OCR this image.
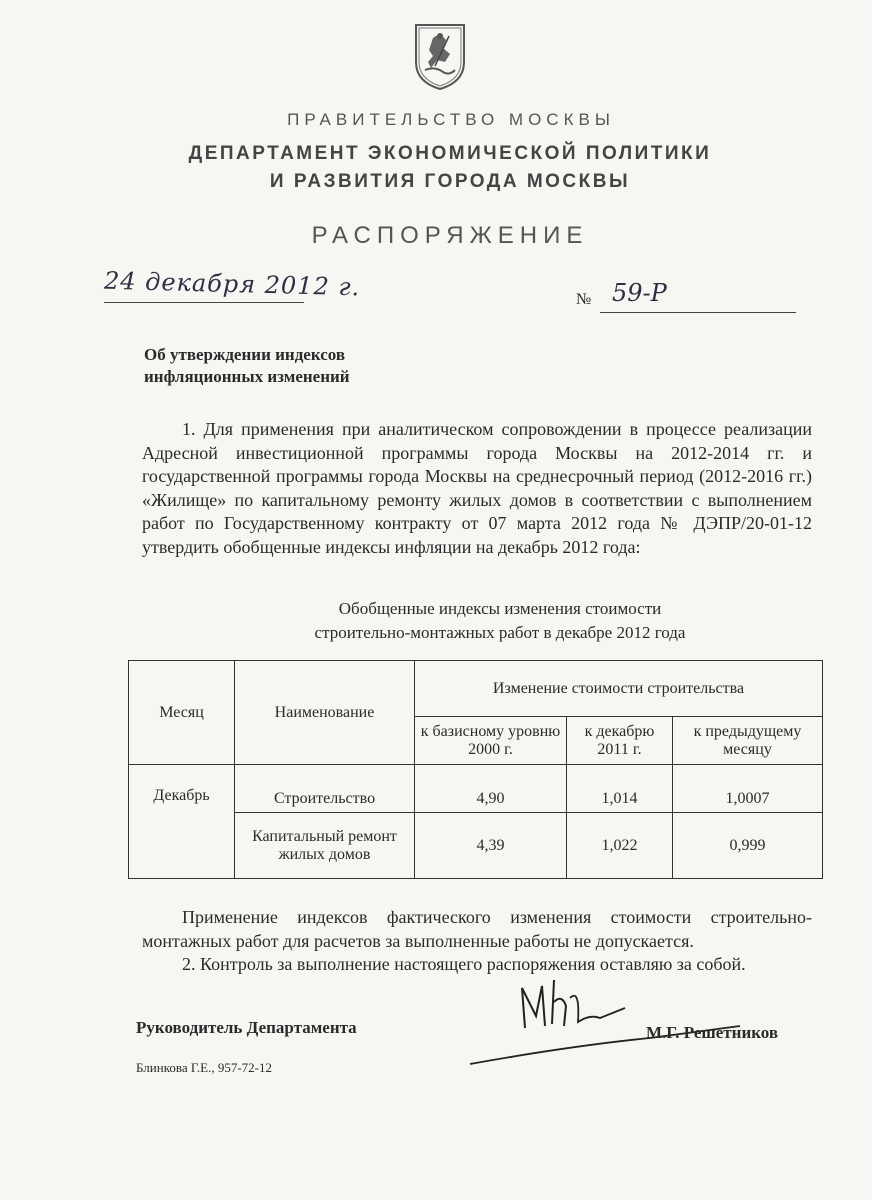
ПРАВИТЕЛЬСТВО МОСКВЫ
ДЕПАРТАМЕНТ ЭКОНОМИЧЕСКОЙ ПОЛИТИКИ
И РАЗВИТИЯ ГОРОДА МОСКВЫ
РАСПОРЯЖЕНИЕ
24 декабря 2012 г.	№ 59-Р
Об утверждении индексов
инфляционных изменений
1. Для применения при аналитическом сопровождении в процессе реализации Адресной инвестиционной программы города Москвы на 2012-2014 гг. и государственной программы города Москвы на среднесрочный период (2012-2016 гг.) «Жилище» по капитальному ремонту жилых домов в соответствии с выполнением работ по Государственному контракту от 07 марта 2012 года № ДЭПР/20-01-12 утвердить обобщенные индексы инфляции на декабрь 2012 года:
Обобщенные индексы изменения стоимости
строительно-монтажных работ в декабре 2012 года
Месяц	Наименование	Изменение стоимости строительства		
		к базисному уровню 2000 г.	к декабрю 2011 г.	к предыдущему месяцу
Декабрь	Строительство	4,90	1,014	1,0007
	Капитальный ремонт жилых домов	4,39	1,022	0,999
Применение индексов фактического изменения стоимости строительно-монтажных работ для расчетов за выполненные работы не допускается.
2. Контроль за выполнение настоящего распоряжения оставляю за собой.
Руководитель Департамента	М.Г. Решетников
Блинкова Г.Е., 957-72-12
